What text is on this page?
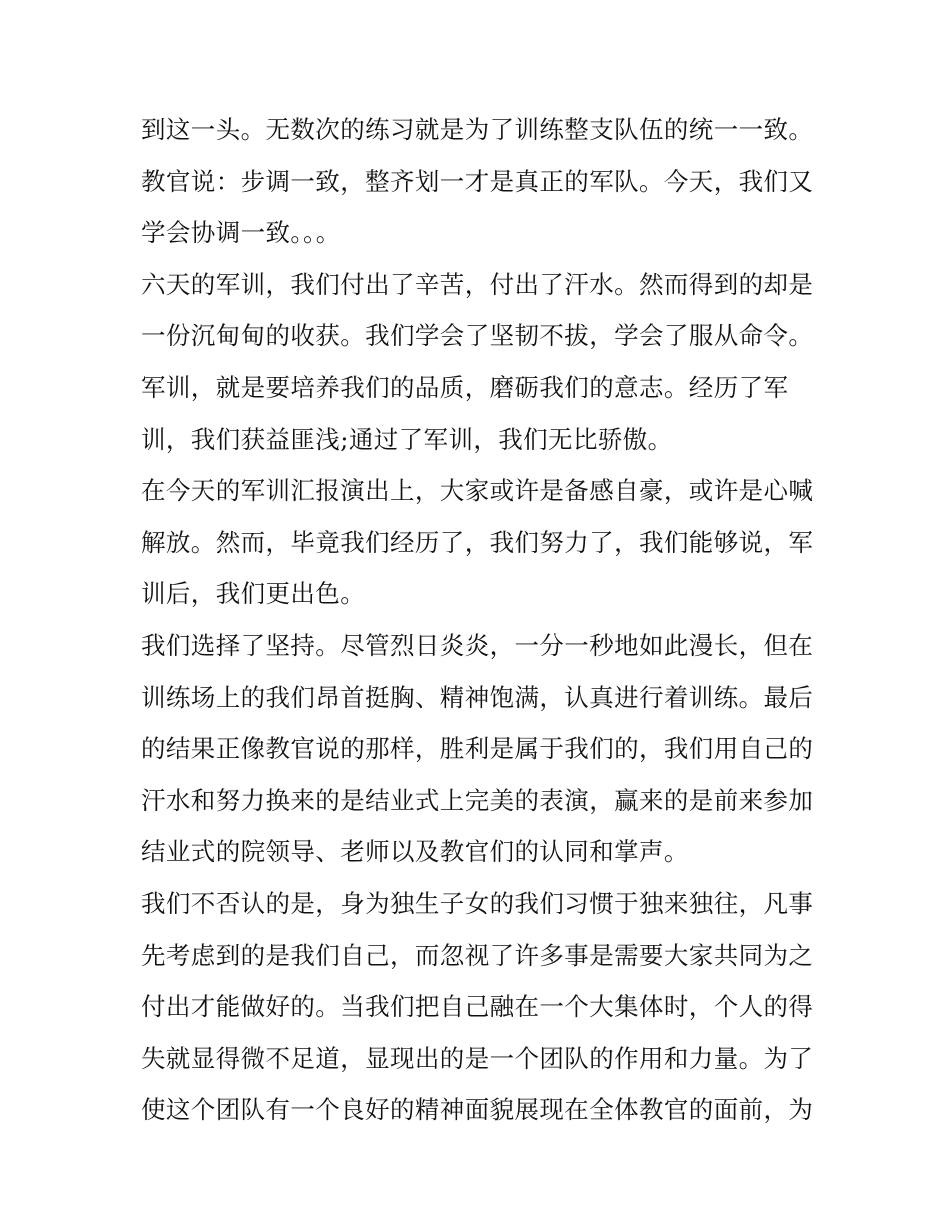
到这一头。无数次的练习就是为了训练整支队伍的统一一致。
教官说：步调一致，整齐划一才是真正的军队。今天，我们又
学会协调一致。。。
六天的军训，我们付出了辛苦，付出了汗水。然而得到的却是
一份沉甸甸的收获。我们学会了坚韧不拔，学会了服从命令。
军训，就是要培养我们的品质，磨砺我们的意志。经历了军
训，我们获益匪浅;通过了军训，我们无比骄傲。
在今天的军训汇报演出上，大家或许是备感自豪，或许是心喊
解放。然而，毕竟我们经历了，我们努力了，我们能够说，军
训后，我们更出色。
我们选择了坚持。尽管烈日炎炎，一分一秒地如此漫长，但在
训练场上的我们昂首挺胸、精神饱满，认真进行着训练。最后
的结果正像教官说的那样，胜利是属于我们的，我们用自己的
汗水和努力换来的是结业式上完美的表演，赢来的是前来参加
结业式的院领导、老师以及教官们的认同和掌声。
我们不否认的是，身为独生子女的我们习惯于独来独往，凡事
先考虑到的是我们自己，而忽视了许多事是需要大家共同为之
付出才能做好的。当我们把自己融在一个大集体时，个人的得
失就显得微不足道，显现出的是一个团队的作用和力量。为了
使这个团队有一个良好的精神面貌展现在全体教官的面前，为
